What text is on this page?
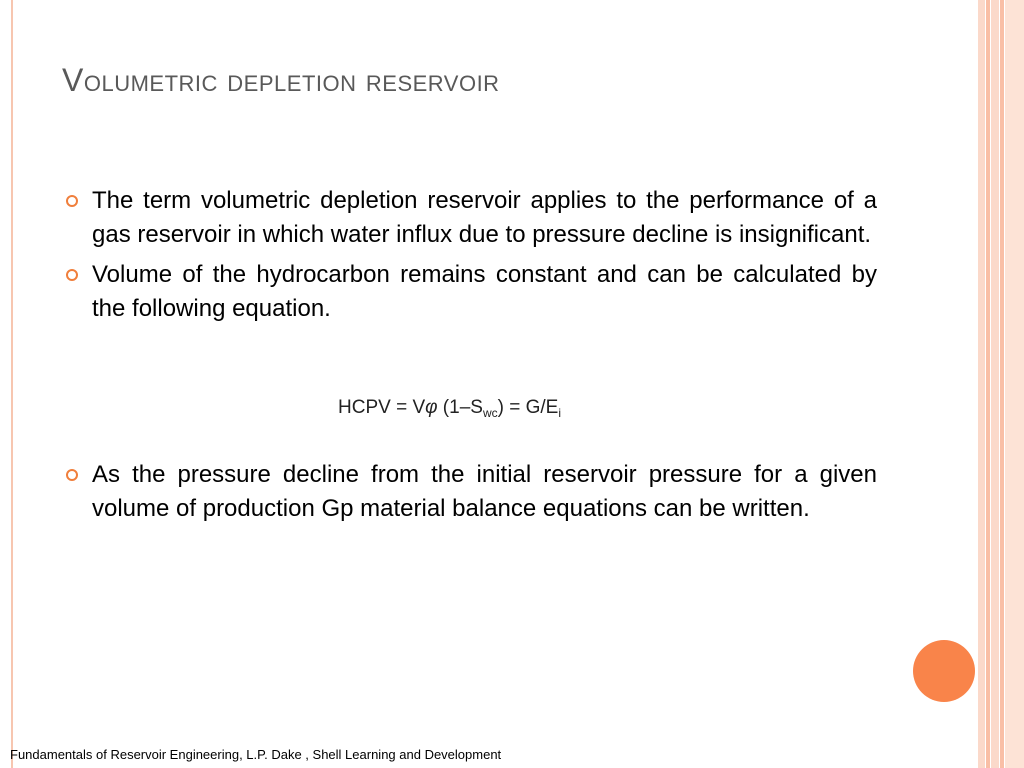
Volumetric depletion reservoir
The term volumetric depletion reservoir applies to the performance of a gas reservoir in which water influx due to pressure decline is insignificant.
Volume of the hydrocarbon remains constant and can be calculated by the following equation.
HCPV = Vφ $(1-S_{wc}) = G/E_i$
As the pressure decline from the initial reservoir pressure for a given volume of production Gp material balance equations can be written.
Fundamentals of Reservoir Engineering, L.P. Dake , Shell Learning and Development
